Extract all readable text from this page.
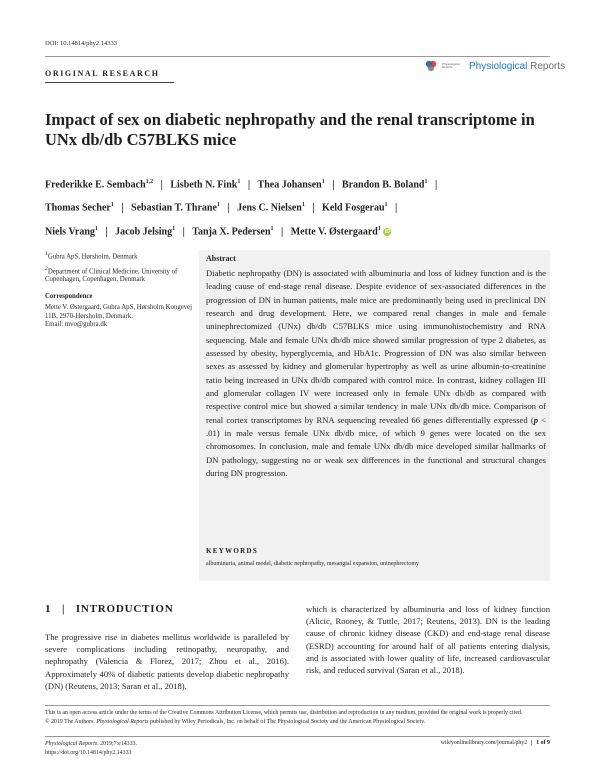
DOI: 10.14814/phy2.14333
ORIGINAL RESEARCH
Physiological Reports	Physiological Reports
Impact of sex on diabetic nephropathy and the renal transcriptome in UNx db/db C57BLKS mice
Frederikke E. Sembach$^{1,2}$   |   Lisbeth N. Fink$^1$   |   Thea Johansen$^1$   |   Brandon B. Boland$^1$   |
Thomas Secher$^1$   |   Sebastian T. Thrane$^1$   |   Jens C. Nielsen$^1$   |   Keld Fosgerau$^1$   |
Niels Vrang$^1$   |   Jacob Jelsing$^1$   |   Tanja X. Pedersen$^1$   |   Mette V. Østergaard$^1$ iD

$^1$Gubra ApS, Hørsholm, Denmark

$^2$Department of Clinical Medicine, University of Copenhagen, Copenhagen, Denmark

Correspondence

Mette V. Østergaard, Gubra ApS, Hørsholm Kongevej 11B, 2970-Hørsholm, Denmark.

Email: mvo@gubra.dk

Abstract
Diabetic nephropathy (DN) is associated with albuminuria and loss of kidney function and is the leading cause of end-stage renal disease. Despite evidence of sex-associated differences in the progression of DN in human patients, male mice are predominantly being used in preclinical DN research and drug development. Here, we compared renal changes in male and female uninephrectomized (UNx) db/db C57BLKS mice using immunohistochemistry and RNA sequencing. Male and female UNx db/db mice showed similar progression of type 2 diabetes, as assessed by obesity, hyperglycemia, and HbA1c. Progression of DN was also similar between sexes as assessed by kidney and glomerular hypertrophy as well as urine albumin-to-creatinine ratio being increased in UNx db/db compared with control mice. In contrast, kidney collagen III and glomerular collagen IV were increased only in female UNx db/db as compared with respective control mice but showed a similar tendency in male UNx db/db mice. Comparison of renal cortex transcriptomes by RNA sequencing revealed 66 genes differentially expressed (p < .01) in male versus female UNx db/db mice, of which 9 genes were located on the sex chromosomes. In conclusion, male and female UNx db/db mice developed similar hallmarks of DN pathology, suggesting no or weak sex differences in the functional and structural changes during DN progression.
KEYWORDS
albuminuria, animal model, diabetic nephropathy, mesangial expansion, uninephrectomy
1   |   INTRODUCTION
The progressive rise in diabetes mellitus worldwide is paralleled by severe complications including retinopathy, neuropathy, and nephropathy (Valencia & Florez, 2017; Zhou et al., 2016). Approximately 40% of diabetic patients develop diabetic nephropathy (DN) (Reutens, 2013; Saran et al., 2018),
which is characterized by albuminuria and loss of kidney function (Alicic, Rooney, & Tuttle, 2017; Reutens, 2013). DN is the leading cause of chronic kidney disease (CKD) and end-stage renal disease (ESRD) accounting for around half of all patients entering dialysis, and is associated with lower quality of life, increased cardiovascular risk, and reduced survival (Saran et al., 2018).
This is an open access article under the terms of the Creative Commons Attribution License, which permits use, distribution and reproduction in any medium, provided the original work is properly cited.
© 2019 The Authors. Physiological Reports published by Wiley Periodicals, Inc. on behalf of The Physiological Society and the American Physiological Society.
Physiological Reports. 2019;7:e14333.
https://doi.org/10.14814/phy2.14333
wileyonlinelibrary.com/journal/phy2 1 of 9
